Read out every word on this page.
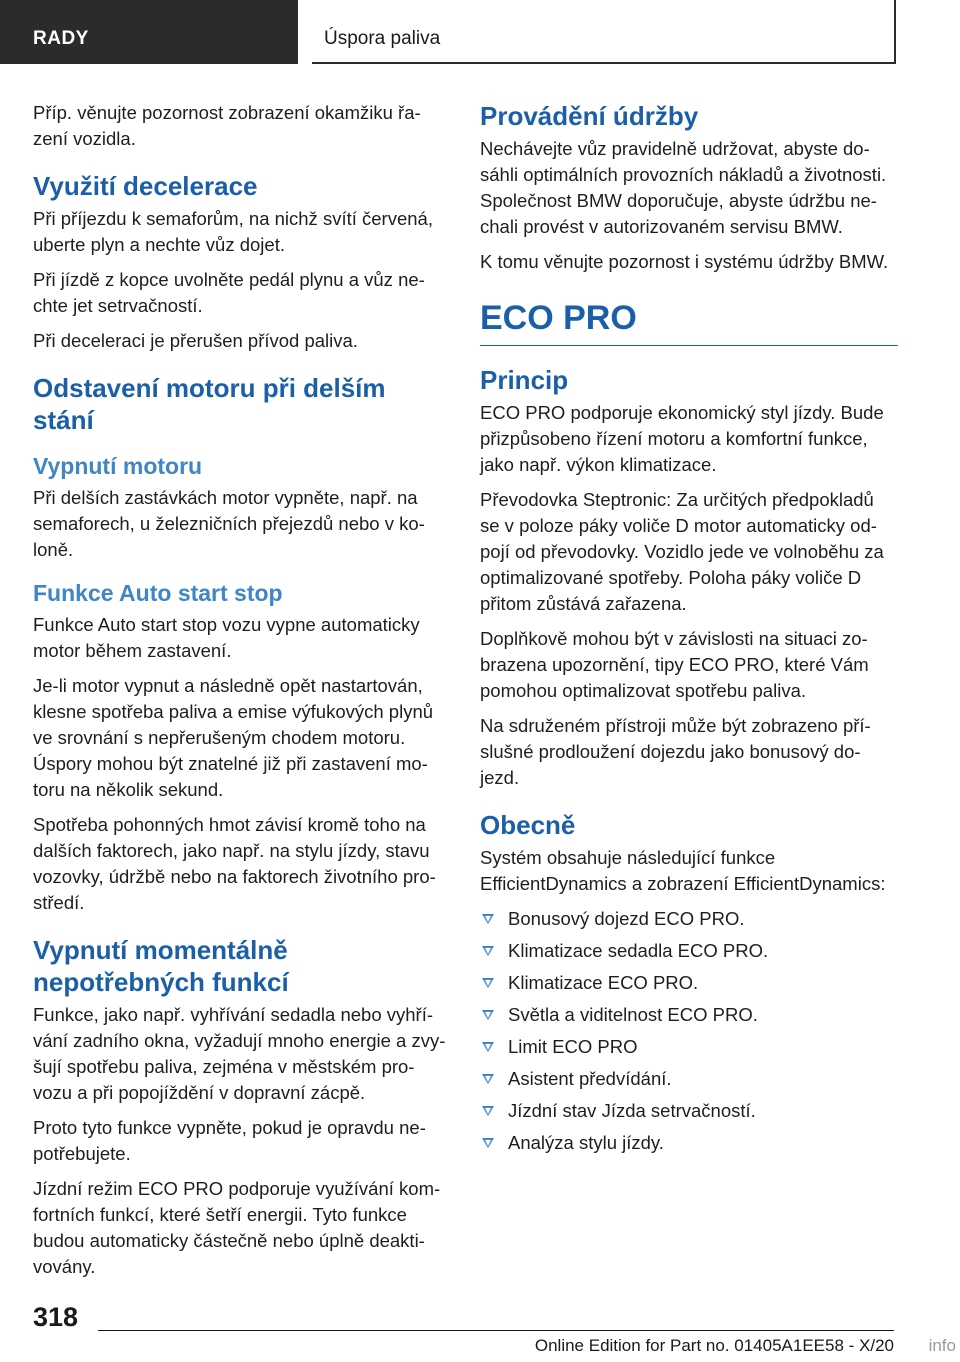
RADY	Úspora paliva

Příp. věnujte pozornost zobrazení okamžiku řa-zení vozidla.

Využití decelerace

Při příjezdu k semaforům, na nichž svítí červená, uberte plyn a nechte vůz dojet.

Při jízdě z kopce uvolněte pedál plynu a vůz ne-chte jet setrvačností.

Při deceleraci je přerušen přívod paliva.

Odstavení motoru při delším stání
Vypnutí motoru

Při delších zastávkách motor vypněte, např. na semaforech, u železničních přejezdů nebo v ko-loně.

Funkce Auto start stop

Funkce Auto start stop vozu vypne automaticky motor během zastavení.

Je-li motor vypnut a následně opět nastartován, klesne spotřeba paliva a emise výfukových plynů ve srovnání s nepřerušeným chodem motoru. Úspory mohou být znatelné již při zastavení mo-toru na několik sekund.

Spotřeba pohonných hmot závisí kromě toho na dalších faktorech, jako např. na stylu jízdy, stavu vozovky, údržbě nebo na faktorech životního pro-středí.

Vypnutí momentálně nepotřebných funkcí

Funkce, jako např. vyhřívání sedadla nebo vyhří-vání zadního okna, vyžadují mnoho energie a zvy-šují spotřebu paliva, zejména v městském pro-vozu a při popojíždění v dopravní zácpě.

Proto tyto funkce vypněte, pokud je opravdu ne-potřebujete.

Jízdní režim ECO PRO podporuje využívání kom-fortních funkcí, které šetří energii. Tyto funkce budou automaticky částečně nebo úplně deakti-vovány.

Provádění údržby

Nechávejte vůz pravidelně udržovat, abyste do-sáhli optimálních provozních nákladů a životnosti. Společnost BMW doporučuje, abyste údržbu ne-chali provést v autorizovaném servisu BMW.

K tomu věnujte pozornost i systému údržby BMW.

ECO PRO
Princip

ECO PRO podporuje ekonomický styl jízdy. Bude přizpůsobeno řízení motoru a komfortní funkce, jako např. výkon klimatizace.

Převodovka Steptronic: Za určitých předpokladů se v poloze páky voliče D motor automaticky od-pojí od převodovky. Vozidlo jede ve volnoběhu za optimalizované spotřeby. Poloha páky voliče D přitom zůstává zařazena.

Doplňkově mohou být v závislosti na situaci zo-brazena upozornění, tipy ECO PRO, které Vám pomohou optimalizovat spotřebu paliva.

Na sdruženém přístroji může být zobrazeno pří-slušné prodloužení dojezdu jako bonusový do-jezd.

Obecně

Systém obsahuje následující funkce EfficientDynamics a zobrazení EfficientDynamics:

Bonusový dojezd ECO PRO.
Klimatizace sedadla ECO PRO.
Klimatizace ECO PRO.
Světla a viditelnost ECO PRO.
Limit ECO PRO
Asistent předvídání.
Jízdní stav Jízda setrvačností.
Analýza stylu jízdy.
318
Online Edition for Part no. 01405A1EE58 - X/20 info
